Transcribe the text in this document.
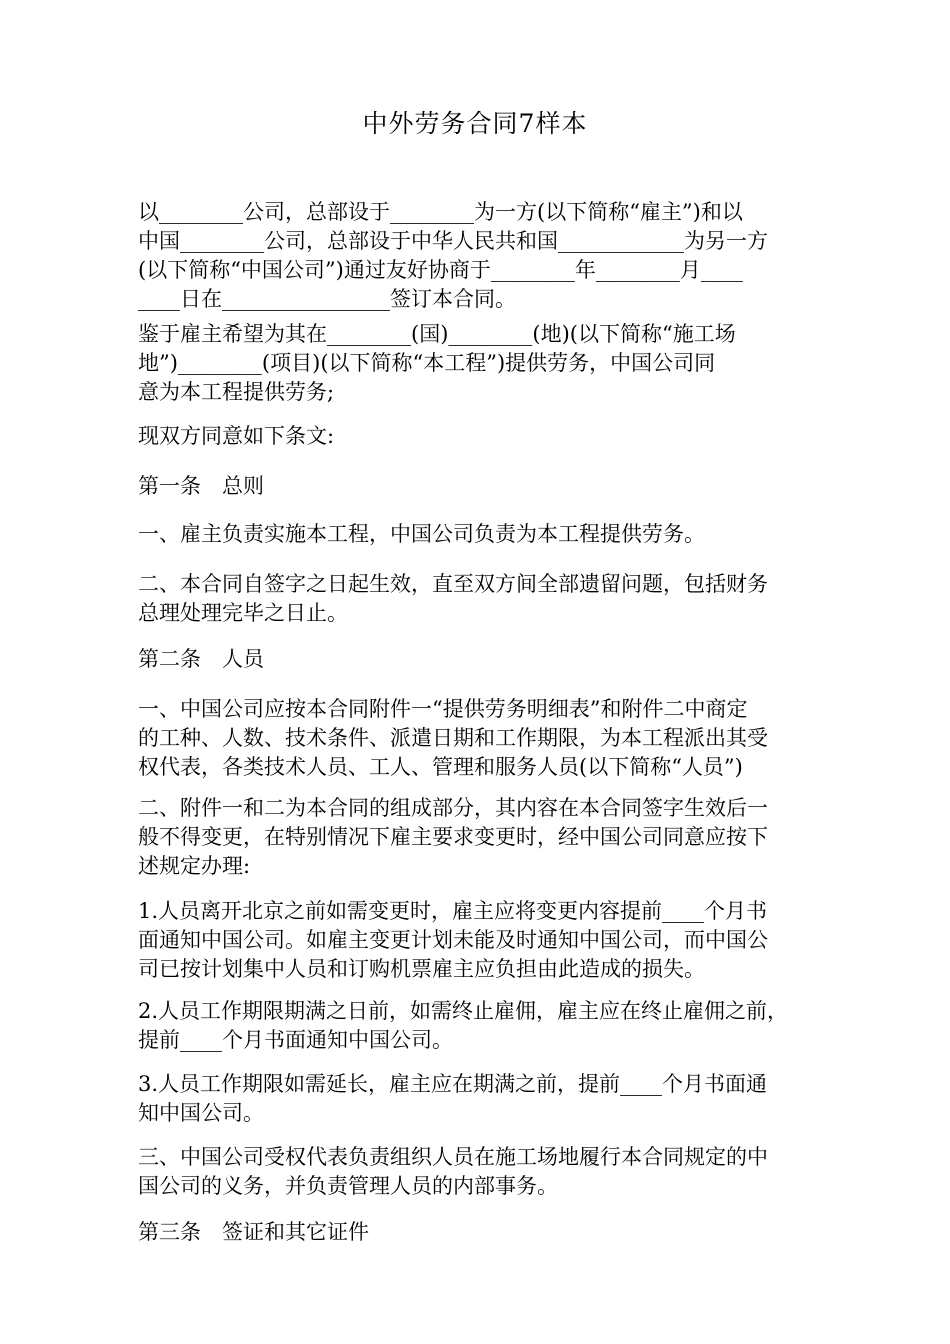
中外劳务合同7样本
以________公司，总部设于________为一方(以下简称“雇主”)和以
中国________公司，总部设于中华人民共和国____________为另一方
(以下简称“中国公司”)通过友好协商于________年________月____
____日在________________签订本合同。
鉴于雇主希望为其在________(国)________(地)(以下简称“施工场
地”)________(项目)(以下简称“本工程”)提供劳务，中国公司同
意为本工程提供劳务;
现双方同意如下条文:
第一条　总则
一、雇主负责实施本工程，中国公司负责为本工程提供劳务。
二、本合同自签字之日起生效，直至双方间全部遗留问题，包括财务
总理处理完毕之日止。
第二条　人员
一、中国公司应按本合同附件一“提供劳务明细表”和附件二中商定
的工种、人数、技术条件、派遣日期和工作期限，为本工程派出其受
权代表，各类技术人员、工人、管理和服务人员(以下简称“人员”)
二、附件一和二为本合同的组成部分，其内容在本合同签字生效后一
般不得变更，在特别情况下雇主要求变更时，经中国公司同意应按下
述规定办理:
1.人员离开北京之前如需变更时，雇主应将变更内容提前____个月书
面通知中国公司。如雇主变更计划未能及时通知中国公司，而中国公
司已按计划集中人员和订购机票雇主应负担由此造成的损失。
2.人员工作期限期满之日前，如需终止雇佣，雇主应在终止雇佣之前，
提前____个月书面通知中国公司。
3.人员工作期限如需延长，雇主应在期满之前，提前____个月书面通
知中国公司。
三、中国公司受权代表负责组织人员在施工场地履行本合同规定的中
国公司的义务，并负责管理人员的内部事务。
第三条　签证和其它证件
